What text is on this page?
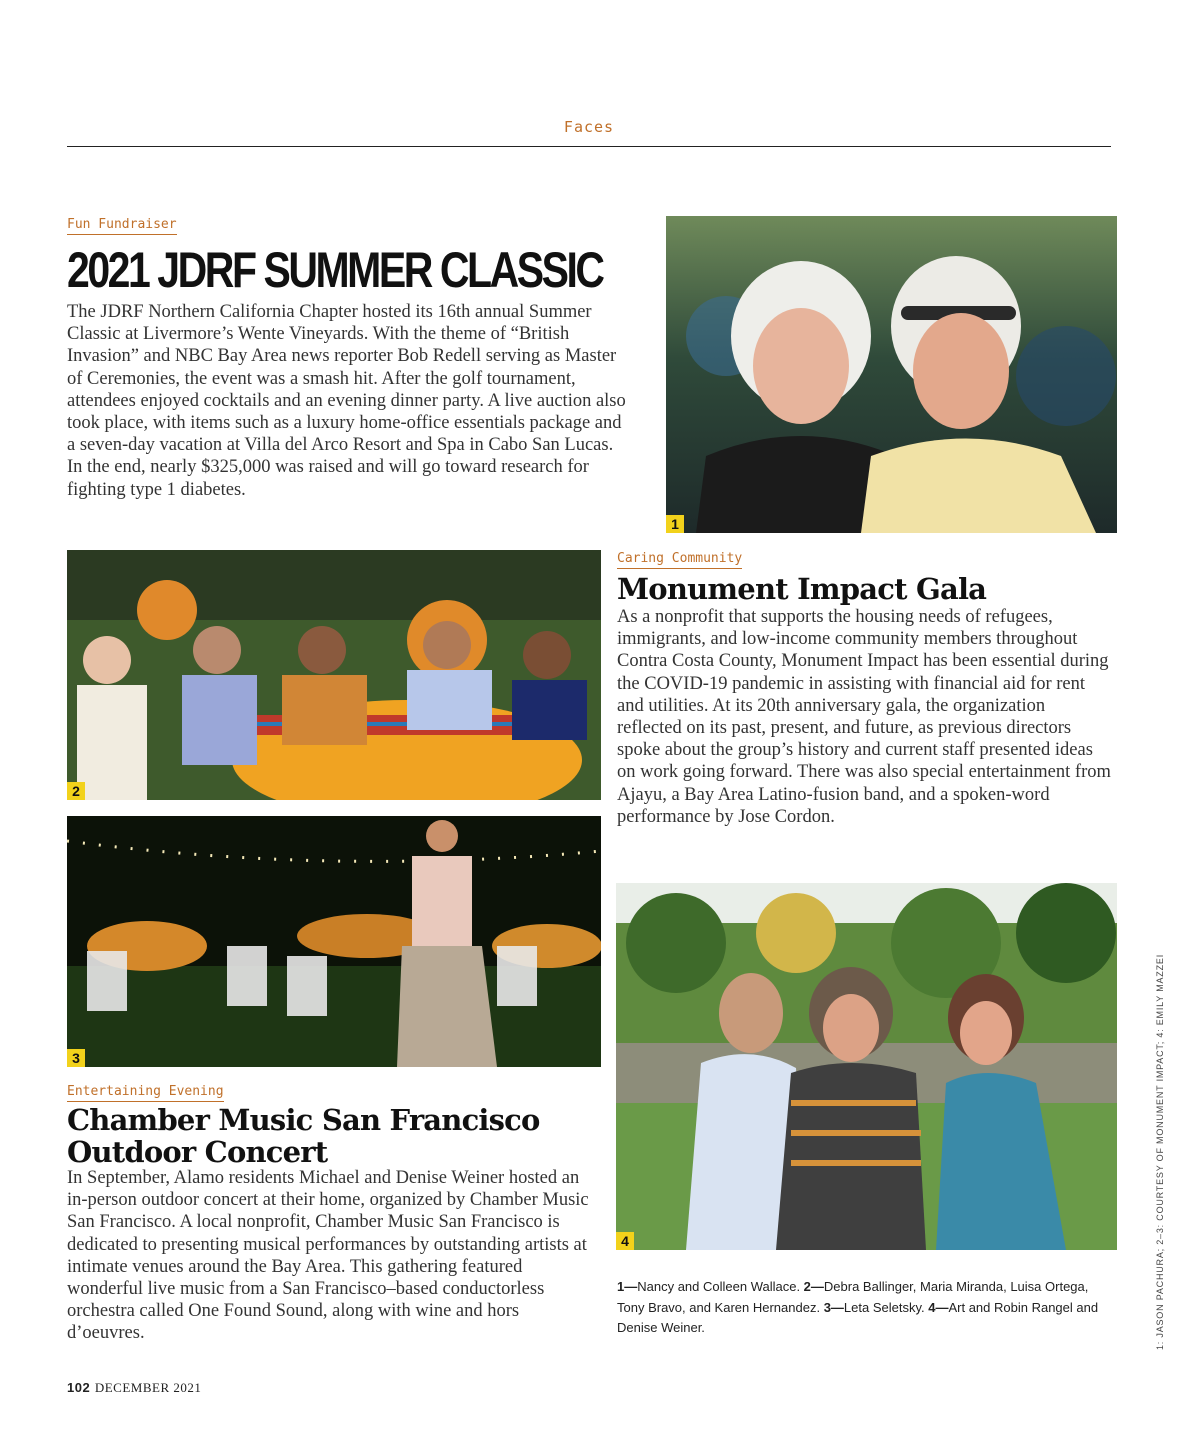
Faces
Fun Fundraiser
2021 JDRF SUMMER CLASSIC
The JDRF Northern California Chapter hosted its 16th annual Summer Classic at Livermore’s Wente Vineyards. With the theme of “British Invasion” and NBC Bay Area news reporter Bob Redell serving as Master of Ceremonies, the event was a smash hit. After the golf tournament, attendees enjoyed cocktails and an evening dinner party. A live auction also took place, with items such as a luxury home-office essentials package and a seven-day vacation at Villa del Arco Resort and Spa in Cabo San Lucas. In the end, nearly $325,000 was raised and will go toward research for fighting type 1 diabetes.
1
2
Caring Community
Monument Impact Gala
As a nonprofit that supports the housing needs of refugees, immigrants, and low-income community members throughout Contra Costa County, Monument Impact has been essential during the COVID-19 pandemic in assisting with financial aid for rent and utilities. At its 20th anniversary gala, the organization reflected on its past, present, and future, as previous directors spoke about the group’s history and current staff presented ideas on work going forward. There was also special entertainment from Ajayu, a Bay Area Latino-fusion band, and a spoken-word performance by Jose Cordon.
3
Entertaining Evening
Chamber Music San Francisco Outdoor Concert
In September, Alamo residents Michael and Denise Weiner hosted an in-person outdoor concert at their home, organized by Chamber Music San Francisco. A local nonprofit, Chamber Music San Francisco is dedicated to presenting musical performances by outstanding artists at intimate venues around the Bay Area. This gathering featured wonderful live music from a San Francisco–based conductorless orchestra called One Found Sound, along with wine and hors d’oeuvres.
4
1—Nancy and Colleen Wallace. 2—Debra Ballinger, Maria Miranda, Luisa Ortega, Tony Bravo, and Karen Hernandez. 3—Leta Seletsky. 4—Art and Robin Rangel and Denise Weiner.	1: JASON PACHURA; 2–3: COURTESY OF MONUMENT IMPACT; 4: EMILY MAZZEI
102 DECEMBER 2021
